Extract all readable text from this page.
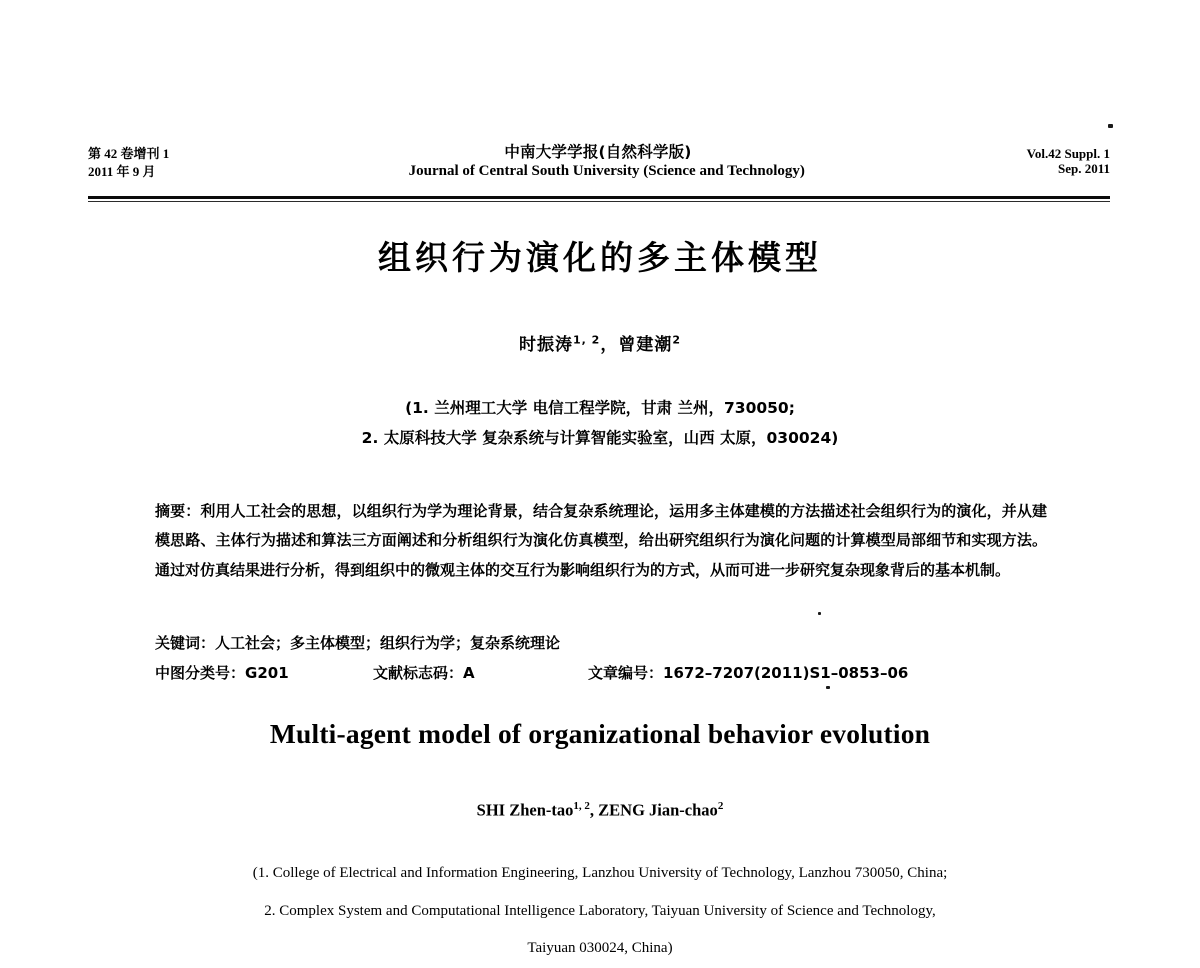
第 42 卷增刊 1	中南大学学报(自然科学版)	Vol.42 Suppl. 1
2011 年 9 月	Journal of Central South University (Science and Technology)	Sep. 2011
组织行为演化的多主体模型
时振涛$^{1, 2}$，曾建潮$^2$
(1. 兰州理工大学 电信工程学院，甘肃 兰州，730050;
2. 太原科技大学 复杂系统与计算智能实验室，山西 太原，030024)
摘要：利用人工社会的思想，以组织行为学为理论背景，结合复杂系统理论，运用多主体建模的方法描述社会组织行为的演化，并从建模思路、主体行为描述和算法三方面阐述和分析组织行为演化仿真模型，给出研究组织行为演化问题的计算模型局部细节和实现方法。通过对仿真结果进行分析，得到组织中的微观主体的交互行为影响组织行为的方式，从而可进一步研究复杂现象背后的基本机制。
关键词：人工社会；多主体模型；组织行为学；复杂系统理论
中图分类号：G201	文献标志码：A	文章编号：1672–7207(2011)S1–0853–06
Multi-agent model of organizational behavior evolution
SHI Zhen-tao$^{1, 2}$, ZENG Jian-chao$^2$
(1. College of Electrical and Information Engineering, Lanzhou University of Technology, Lanzhou 730050, China;
2. Complex System and Computational Intelligence Laboratory, Taiyuan University of Science and Technology,
Taiyuan 030024, China)
